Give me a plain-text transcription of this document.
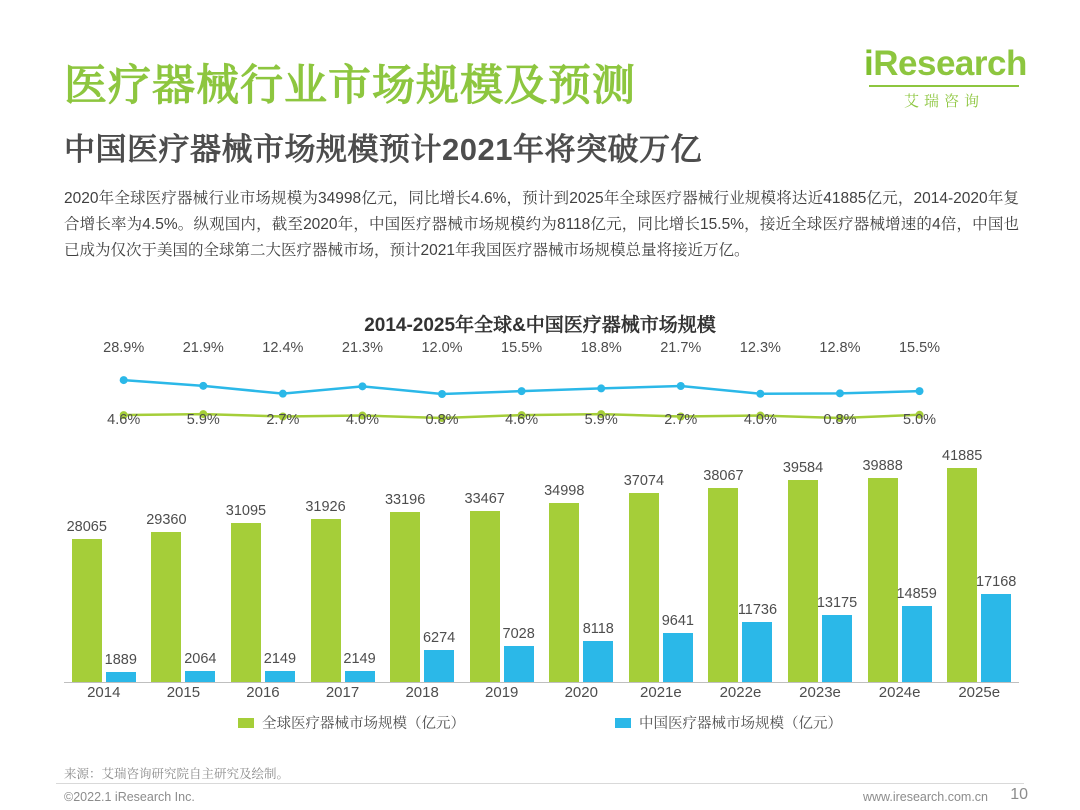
iResearch
艾瑞咨询
医疗器械行业市场规模及预测
中国医疗器械市场规模预计2021年将突破万亿
2020年全球医疗器械行业市场规模为34998亿元，同比增长4.6%，预计到2025年全球医疗器械行业规模将达近41885亿元，2014-2020年复合增长率为4.5%。纵观国内，截至2020年，中国医疗器械市场规模约为8118亿元，同比增长15.5%，接近全球医疗器械增速的4倍，中国也已成为仅次于美国的全球第二大医疗器械市场，预计2021年我国医疗器械市场规模总量将接近万亿。
2014-2025年全球&中国医疗器械市场规模
28.9%	21.9%	12.4%	21.3%	12.0%	15.5%	18.8%	21.7%	12.3%	12.8%	15.5%
4.6%	5.9%	2.7%	4.0%	0.8%	4.6%	5.9%	2.7%	4.0%	0.8%	5.0%
28065
1889
29360
2064
31095
2149
31926
2149
33196
6274
33467
7028
34998
8118
37074
9641
38067
11736
39584
13175
39888
14859
41885
17168
2014	2015	2016	2017	2018	2019	2020	2021e	2022e	2023e	2024e	2025e
全球医疗器械市场规模（亿元）	中国医疗器械市场规模（亿元）
来源：艾瑞咨询研究院自主研究及绘制。
©2022.1 iResearch Inc.	www.iresearch.com.cn 10
